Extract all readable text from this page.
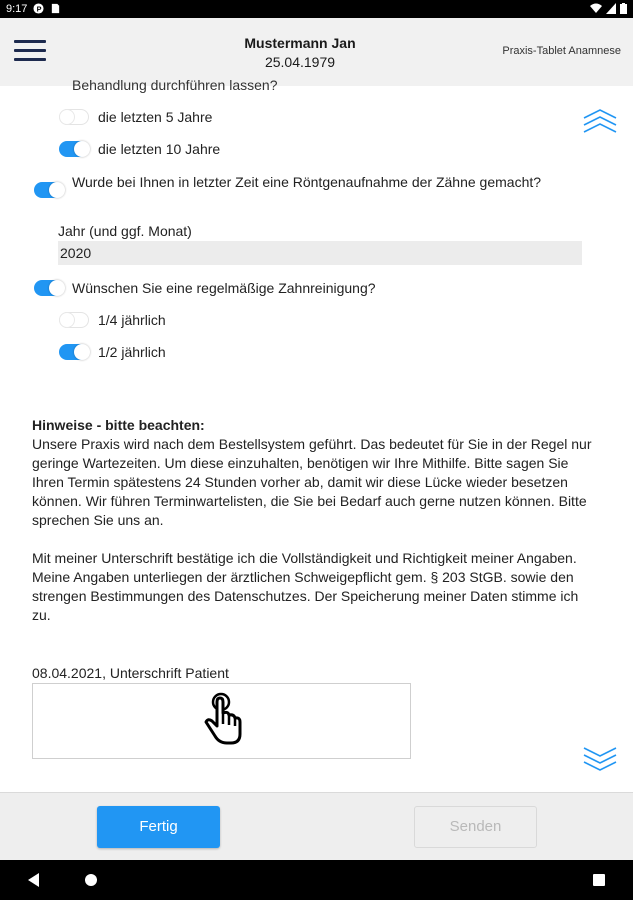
9:17 P
Mustermann Jan
25.04.1979
Praxis-Tablet Anamnese
Behandlung durchführen lassen?
die letzten 5 Jahre
die letzten 10 Jahre
Wurde bei Ihnen in letzter Zeit eine Röntgenaufnahme der Zähne gemacht?
Jahr (und ggf. Monat)
2020
Wünschen Sie eine regelmäßige Zahnreinigung?
1/4 jährlich
1/2 jährlich
Hinweise - bitte beachten:

Unsere Praxis wird nach dem Bestellsystem geführt. Das bedeutet für Sie in der Regel nur geringe Wartezeiten. Um diese einzuhalten, benötigen wir Ihre Mithilfe. Bitte sagen Sie Ihren Termin spätestens 24 Stunden vorher ab, damit wir diese Lücke wieder besetzen können. Wir führen Terminwartelisten, die Sie bei Bedarf auch gerne nutzen können. Bitte sprechen Sie uns an.

Mit meiner Unterschrift bestätige ich die Vollständigkeit und Richtigkeit meiner Angaben. Meine Angaben unterliegen der ärztlichen Schweigepflicht gem. § 203 StGB. sowie den strengen Bestimmungen des Datenschutzes. Der Speicherung meiner Daten stimme ich zu.

08.04.2021, Unterschrift Patient
Fertig	Senden
